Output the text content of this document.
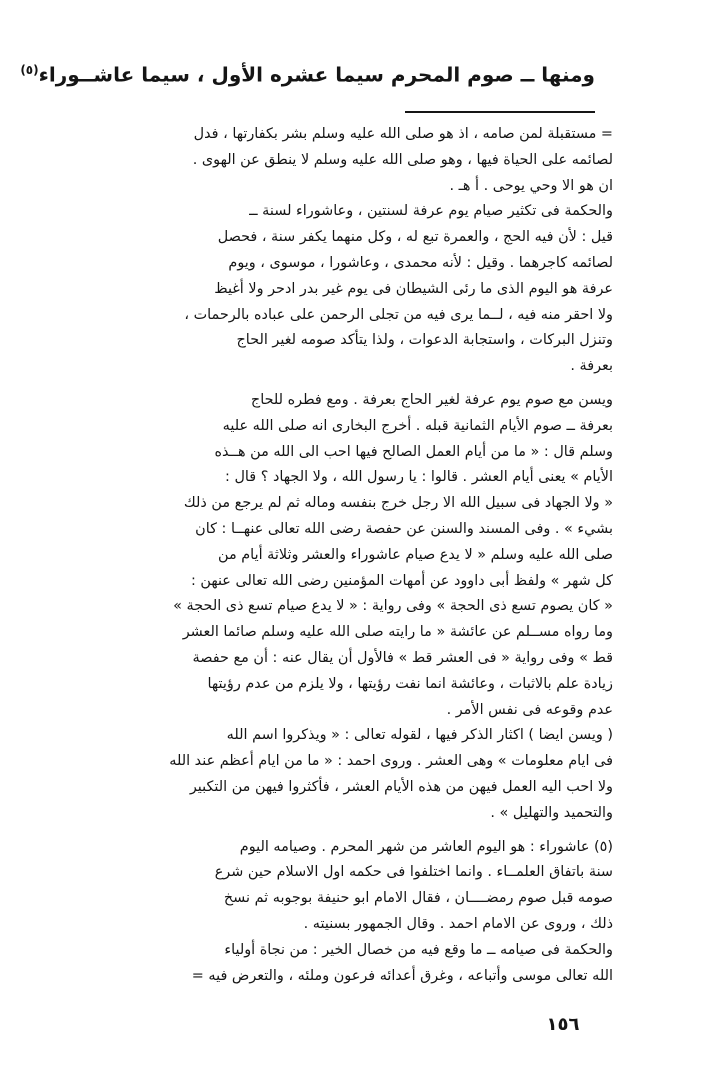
ومنها ــ صوم المحرم سيما عشره الأول ، سيما عاشــوراء$^{(٥)}$
= مستقبلة لمن صامه ، اذ هو صلى الله عليه وسلم بشر بكفارتها ، فدل
لصائمه على الحياة فيها ، وهو صلى الله عليه وسلم لا ينطق عن الهوى .
ان هو الا وحي يوحى . أ هـ .
والحكمة فى تكثير صيام يوم عرفة لسنتين ، وعاشوراء لسنة ــ
قيل : لأن فيه الحج ، والعمرة تبع له ، وكل منهما يكفر سنة ، فحصل
لصائمه كاجرهما . وقيل : لأنه محمدى ، وعاشورا ، موسوى ، ويوم
عرفة هو اليوم الذى ما رئى الشيطان فى يوم غير بدر ادحر ولا أغيظ
ولا احقر منه فيه ، لــما يرى فيه من تجلى الرحمن على عباده بالرحمات ،
وتنزل البركات ، واستجابة الدعوات ، ولذا يتأكد صومه لغير الحاج
بعرفة .
ويسن مع صوم يوم عرفة لغير الحاج بعرفة . ومع فطره للحاج
بعرفة ــ صوم الأيام الثمانية قبله . أخرج البخارى انه صلى الله عليه
وسلم قال : « ما من أيام العمل الصالح فيها احب الى الله من هــذه
الأيام » يعنى أيام العشر . قالوا : يا رسول الله ، ولا الجهاد ؟ قال :
« ولا الجهاد فى سبيل الله الا رجل خرج بنفسه وماله ثم لم يرجع من ذلك
بشيء » . وفى المسند والسنن عن حفصة رضى الله تعالى عنهــا : كان
صلى الله عليه وسلم « لا يدع صيام عاشوراء والعشر وثلاثة أيام من
كل شهر » ولفظ أبى داوود عن أمهات المؤمنين رضى الله تعالى عنهن :
« كان يصوم تسع ذى الحجة » وفى رواية : « لا يدع صيام تسع ذى الحجة »
وما رواه مســلم عن عائشة « ما رايته صلى الله عليه وسلم صائما العشر
قط » وفى رواية « فى العشر قط » فالأول أن يقال عنه : أن مع حفصة
زيادة علم بالاثبات ، وعائشة انما نفت رؤيتها ، ولا يلزم من عدم رؤيتها
عدم وقوعه فى نفس الأمر .
( ويسن ايضا ) اكثار الذكر فيها ، لقوله تعالى : « ويذكروا اسم الله
فى ايام معلومات » وهى العشر . وروى احمد : « ما من ايام أعظم عند الله
ولا احب اليه العمل فيهن من هذه الأيام العشر ، فأكثروا فيهن من التكبير
والتحميد والتهليل » .
(٥) عاشوراء : هو اليوم العاشر من شهر المحرم . وصيامه اليوم
سنة باتفاق العلمــاء . وانما اختلفوا فى حكمه اول الاسلام حين شرع
صومه قبل صوم رمضــــان ، فقال الامام ابو حنيفة بوجوبه ثم نسخ
ذلك ، وروى عن الامام احمد . وقال الجمهور بسنيته .
والحكمة فى صيامه ــ ما وقع فيه من خصال الخير : من نجاة أولياء
الله تعالى موسى وأتباعه ، وغرق أعدائه فرعون وملئه ، والتعرض فيه =
١٥٦
